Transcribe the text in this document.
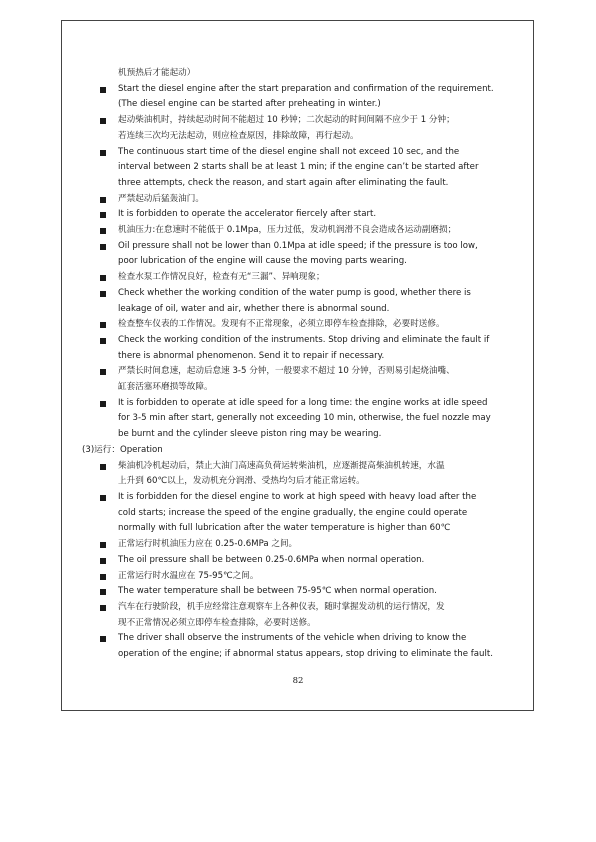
机预热后才能起动）
Start the diesel engine after the start preparation and confirmation of the requirement.
(The diesel engine can be started after preheating in winter.)
起动柴油机时，持续起动时间不能超过 10 秒钟；二次起动的时间间隔不应少于 1 分钟；
若连续三次均无法起动，则应检查原因，排除故障，再行起动。
The continuous start time of the diesel engine shall not exceed 10 sec, and the
interval between 2 starts shall be at least 1 min; if the engine can’t be started after
three attempts, check the reason, and start again after eliminating the fault.
严禁起动后猛轰油门。
It is forbidden to operate the accelerator fiercely after start.
机油压力:在怠速时不能低于 0.1Mpa，压力过低，发动机润滑不良会造成各运动副磨损；
Oil pressure shall not be lower than 0.1Mpa at idle speed; if the pressure is too low,
poor lubrication of the engine will cause the moving parts wearing.
检查水泵工作情况良好，检查有无“三漏”、异响现象；
Check whether the working condition of the water pump is good, whether there is
leakage of oil, water and air, whether there is abnormal sound.
检查整车仪表的工作情况。发现有不正常现象，必须立即停车检查排除，必要时送修。
Check the working condition of the instruments. Stop driving and eliminate the fault if
there is abnormal phenomenon. Send it to repair if necessary.
严禁长时间怠速，起动后怠速 3-5 分钟，一般要求不超过 10 分钟，否则易引起烧油嘴、
缸套活塞环磨损等故障。
It is forbidden to operate at idle speed for a long time: the engine works at idle speed
for 3-5 min after start, generally not exceeding 10 min, otherwise, the fuel nozzle may
be burnt and the cylinder sleeve piston ring may be wearing.
(3)运行：Operation
柴油机冷机起动后，禁止大油门高速高负荷运转柴油机，应逐渐提高柴油机转速，水温
上升到 60℃以上，发动机充分润滑、受热均匀后才能正常运转。
It is forbidden for the diesel engine to work at high speed with heavy load after the
cold starts; increase the speed of the engine gradually, the engine could operate
normally with full lubrication after the water temperature is higher than 60℃
正常运行时机油压力应在 0.25-0.6MPa 之间。
The oil pressure shall be between 0.25-0.6MPa when normal operation.
正常运行时水温应在 75-95℃之间。
The water temperature shall be between 75-95℃ when normal operation.
汽车在行驶阶段，机手应经常注意观察车上各种仪表，随时掌握发动机的运行情况，发
现不正常情况必须立即停车检查排除，必要时送修。
The driver shall observe the instruments of the vehicle when driving to know the
operation of the engine; if abnormal status appears, stop driving to eliminate the fault.
82
